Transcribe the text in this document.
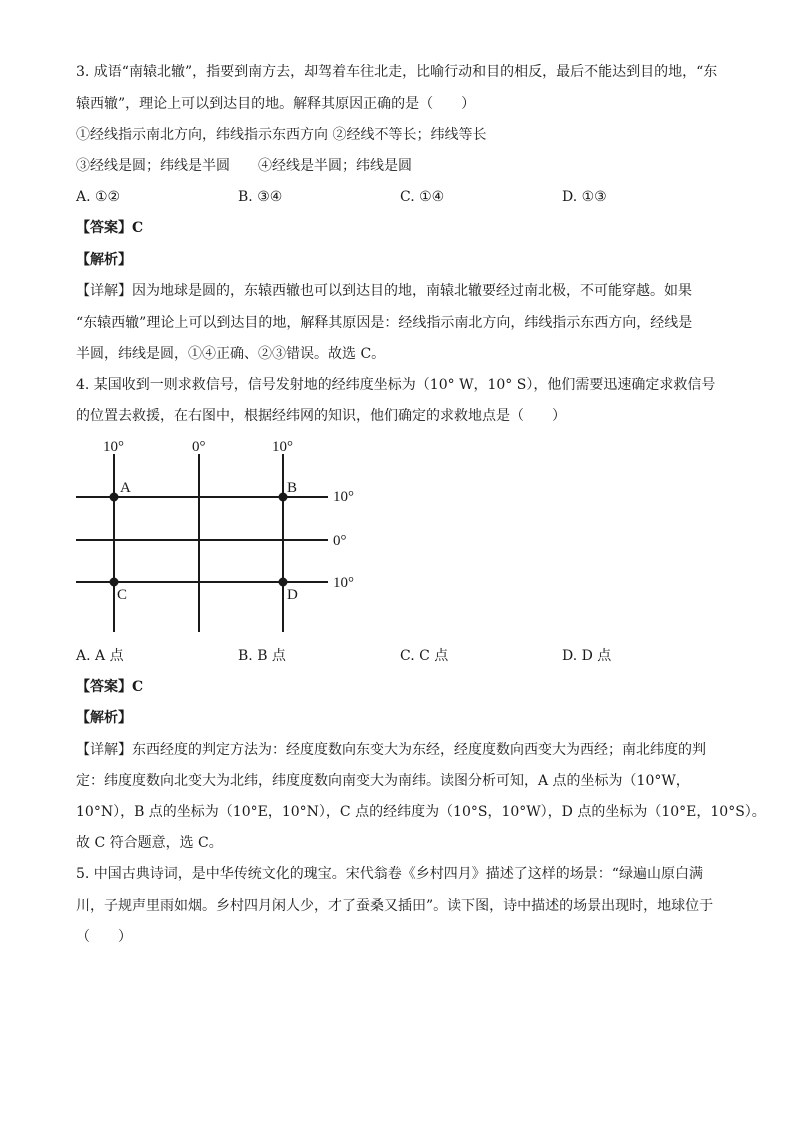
3. 成语“南辕北辙”，指要到南方去，却驾着车往北走，比喻行动和目的相反，最后不能达到目的地，“东
辕西辙”，理论上可以到达目的地。解释其原因正确的是（　　）
①经线指示南北方向，纬线指示东西方向 ②经线不等长；纬线等长
③经线是圆；纬线是半圆　　④经线是半圆；纬线是圆
A. ①②	B. ③④	C. ①④	D. ①③
【答案】C
【解析】
【详解】因为地球是圆的，东辕西辙也可以到达目的地，南辕北辙要经过南北极，不可能穿越。如果
“东辕西辙”理论上可以到达目的地，解释其原因是：经线指示南北方向，纬线指示东西方向，经线是
半圆，纬线是圆，①④正确、②③错误。故选 C。
4. 某国收到一则求救信号，信号发射地的经纬度坐标为（10° W，10° S），他们需要迅速确定求救信号
的位置去救援，在右图中，根据经纬网的知识，他们确定的求救地点是（　　）
10°	0°	10°
10°
0°
10°
A	B
C	D
A. A 点	B. B 点	C. C 点	D. D 点
【答案】C
【解析】
【详解】东西经度的判定方法为：经度度数向东变大为东经，经度度数向西变大为西经；南北纬度的判
定：纬度度数向北变大为北纬，纬度度数向南变大为南纬。读图分析可知，A 点的坐标为（10°W，
10°N），B 点的坐标为（10°E，10°N），C 点的经纬度为（10°S，10°W），D 点的坐标为（10°E，10°S）。
故 C 符合题意，选 C。
5. 中国古典诗词，是中华传统文化的瑰宝。宋代翁卷《乡村四月》描述了这样的场景：“绿遍山原白满
川，子规声里雨如烟。乡村四月闲人少，才了蚕桑又插田”。读下图，诗中描述的场景出现时，地球位于
（　　）
